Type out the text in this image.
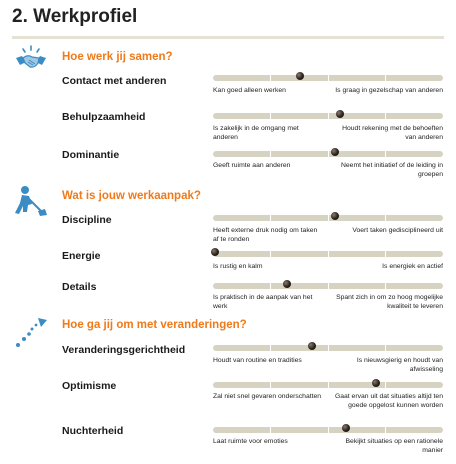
2. Werkprofiel
Hoe werk jij samen?
Contact met anderen
Kan goed alleen werken	Is graag in gezelschap van anderen
Behulpzaamheid
Is zakelijk in de omgang met anderen
Houdt rekening met de behoeften van anderen
Dominantie
Geeft ruimte aan anderen	Neemt het initiatief of de leiding in groepen
Wat is jouw werkaanpak?
Discipline
Heeft externe druk nodig om taken af te ronden
Voert taken gedisciplineerd uit
Energie
Is rustig en kalm	Is energiek en actief
Details
Is praktisch in de aanpak van het werk
Spant zich in om zo hoog mogelijke kwaliteit te leveren
Hoe ga jij om met veranderingen?
Veranderingsgerichtheid
Houdt van routine en tradities	Is nieuwsgierig en houdt van afwisseling
Optimisme
Zal niet snel gevaren onderschatten Gaat ervan uit dat situaties altijd ten goede opgelost kunnen worden
Nuchterheid
Laat ruimte voor emoties	Bekijkt situaties op een rationele manier
